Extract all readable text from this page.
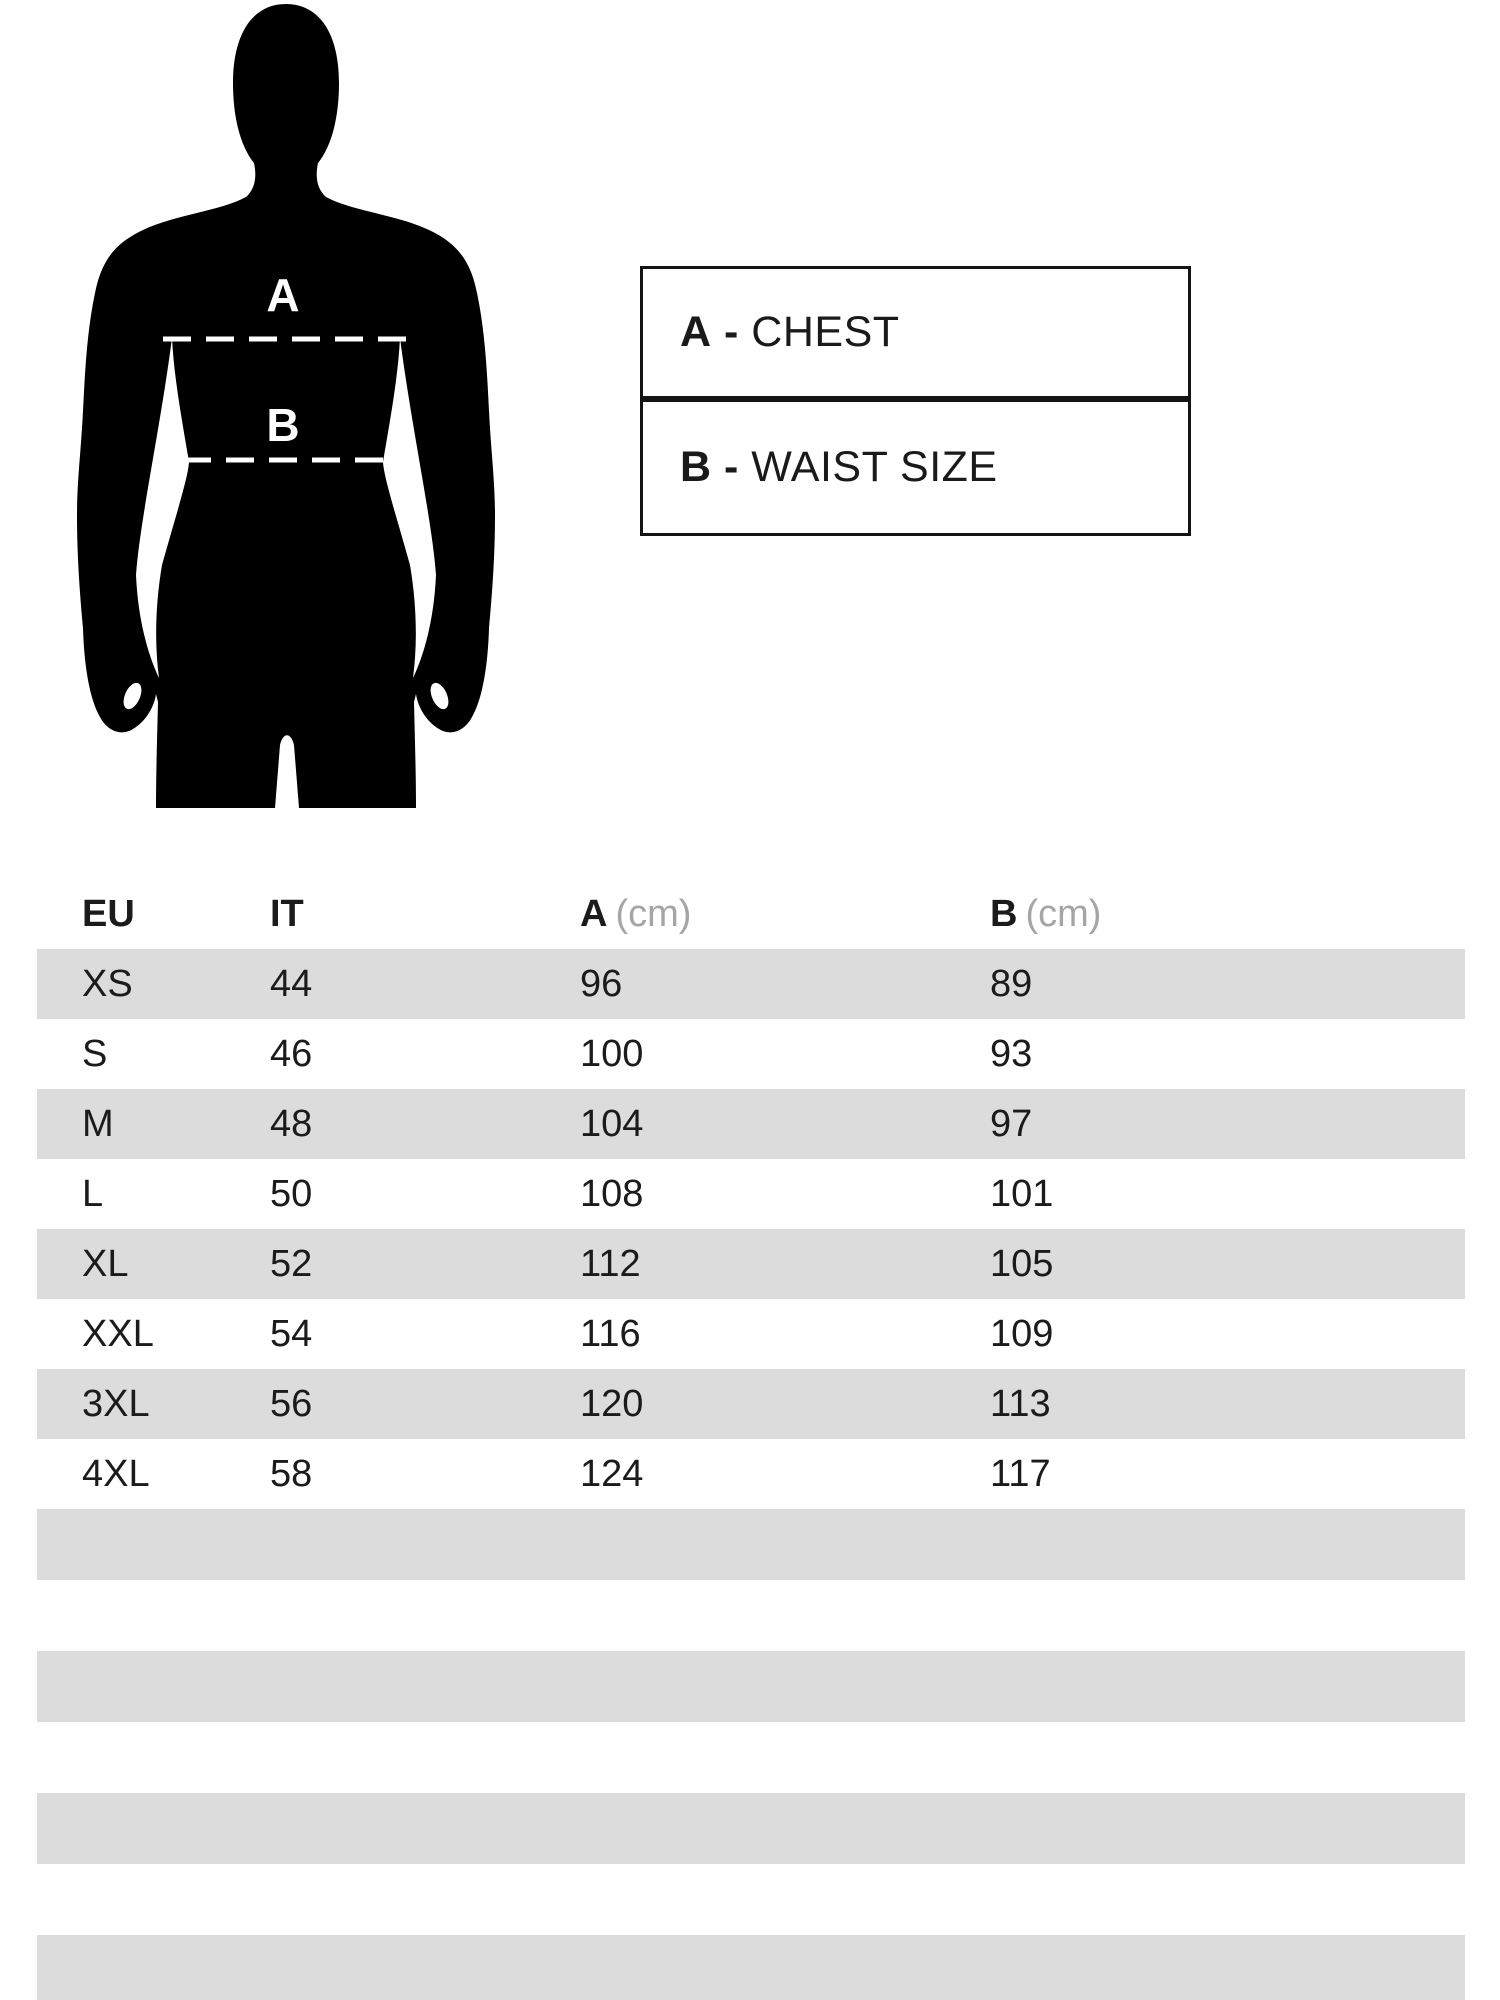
A
B
A - CHEST
B - WAIST SIZE
EU	IT	A (cm)	B (cm)
XS	44	96	89
S	46	100	93
M	48	104	97
L	50	108	101
XL	52	112	105
XXL	54	116	109
3XL	56	120	113
4XL	58	124	117
